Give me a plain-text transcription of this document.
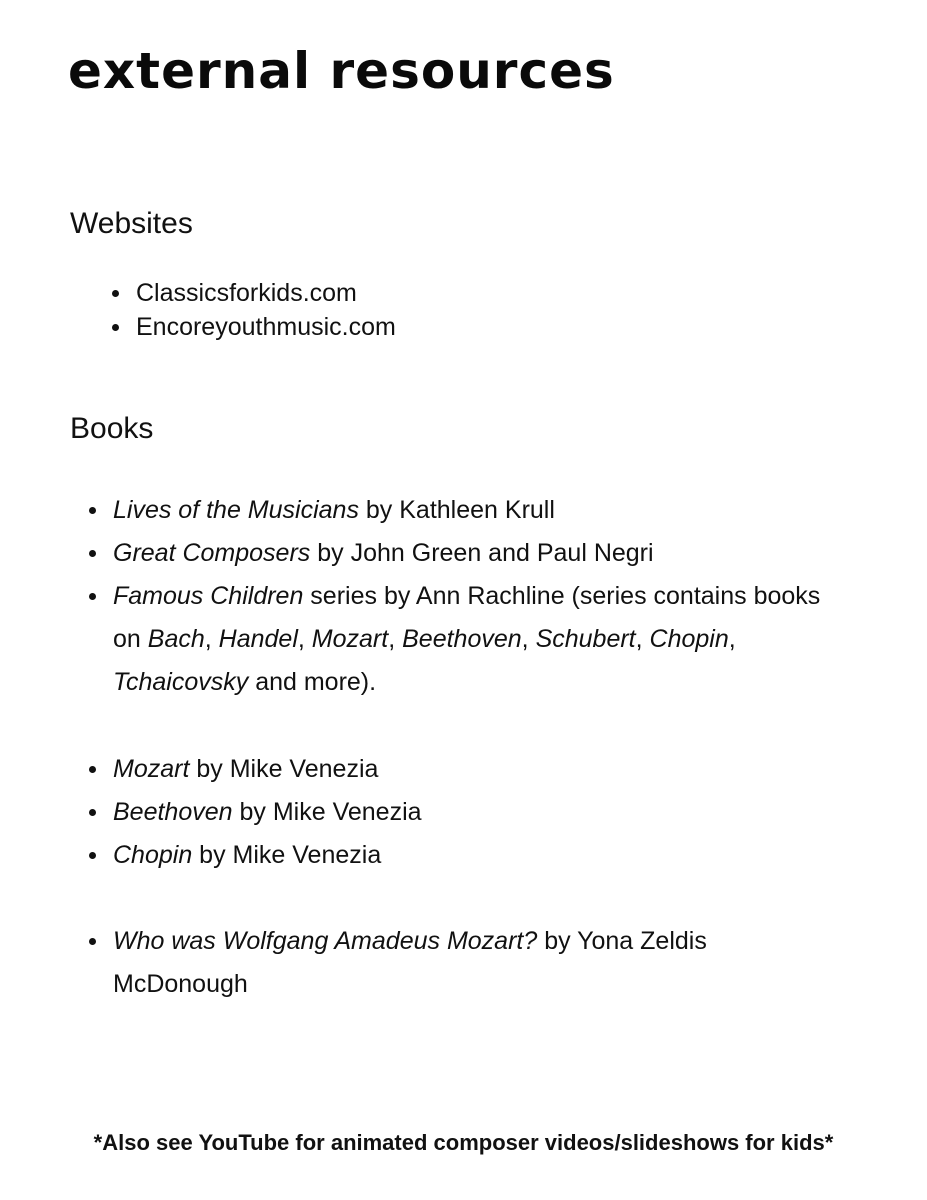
external resources
Websites
Classicsforkids.com
Encoreyouthmusic.com
Books
Lives of the Musicians by Kathleen Krull
Great Composers by John Green and Paul Negri
Famous Children series by Ann Rachline (series contains books on Bach, Handel, Mozart, Beethoven, Schubert, Chopin, Tchaicovsky and more).
Mozart by Mike Venezia
Beethoven by Mike Venezia
Chopin by Mike Venezia
Who was Wolfgang Amadeus Mozart? by Yona Zeldis McDonough

*Also see YouTube for animated composer videos/slideshows for kids*
